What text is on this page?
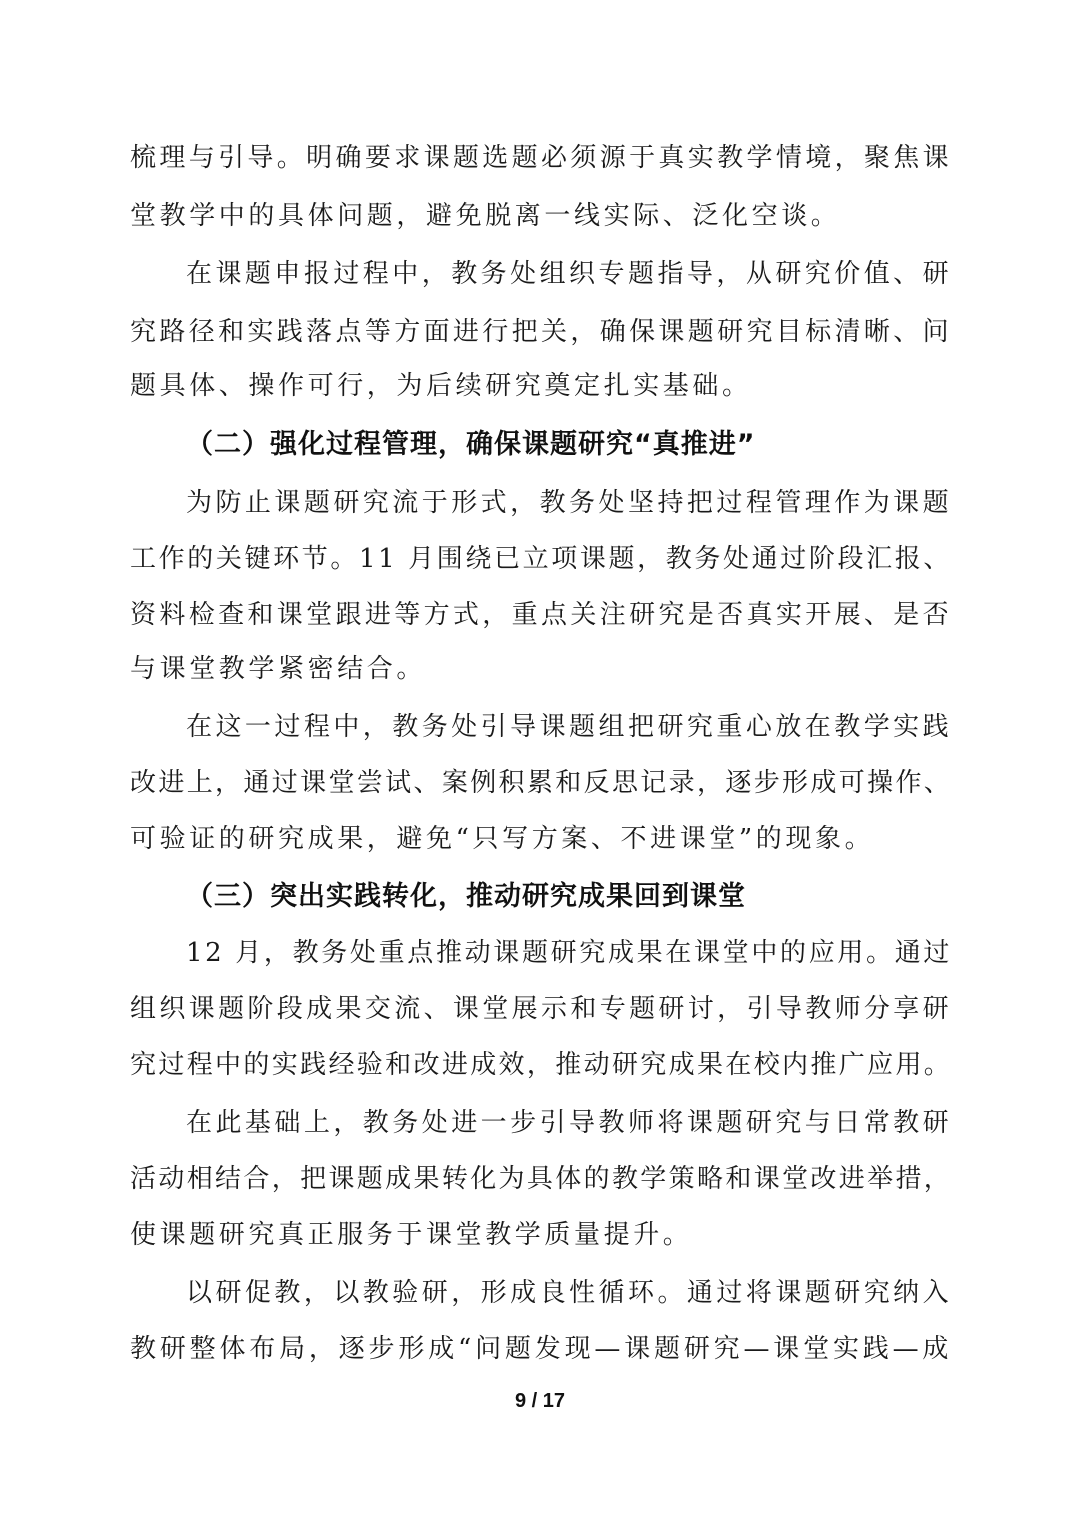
梳理与引导。明确要求课题选题必须源于真实教学情境，聚焦课
堂教学中的具体问题，避免脱离一线实际、泛化空谈。
在课题申报过程中，教务处组织专题指导，从研究价值、研
究路径和实践落点等方面进行把关，确保课题研究目标清晰、问
题具体、操作可行，为后续研究奠定扎实基础。
（二）强化过程管理，确保课题研究“真推进”
为防止课题研究流于形式，教务处坚持把过程管理作为课题
工作的关键环节。11 月围绕已立项课题，教务处通过阶段汇报、
资料检查和课堂跟进等方式，重点关注研究是否真实开展、是否
与课堂教学紧密结合。
在这一过程中，教务处引导课题组把研究重心放在教学实践
改进上，通过课堂尝试、案例积累和反思记录，逐步形成可操作、
可验证的研究成果，避免“只写方案、不进课堂”的现象。
（三）突出实践转化，推动研究成果回到课堂
12 月，教务处重点推动课题研究成果在课堂中的应用。通过
组织课题阶段成果交流、课堂展示和专题研讨，引导教师分享研
究过程中的实践经验和改进成效，推动研究成果在校内推广应用。
在此基础上，教务处进一步引导教师将课题研究与日常教研
活动相结合，把课题成果转化为具体的教学策略和课堂改进举措，
使课题研究真正服务于课堂教学质量提升。
以研促教，以教验研，形成良性循环。通过将课题研究纳入
教研整体布局，逐步形成“问题发现—课题研究—课堂实践—成
9 / 17
